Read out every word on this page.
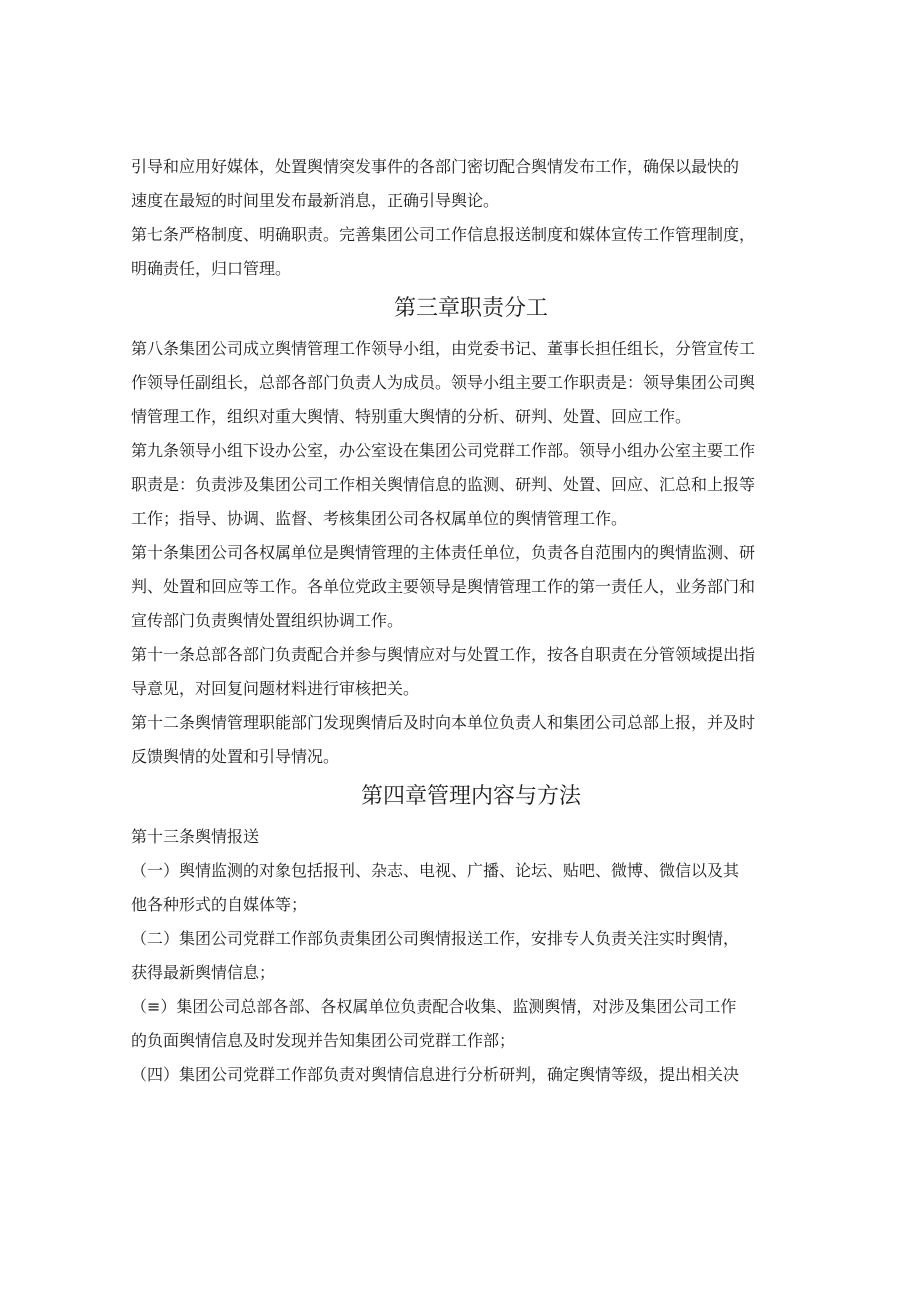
引导和应用好媒体，处置舆情突发事件的各部门密切配合舆情发布工作，确保以最快的
速度在最短的时间里发布最新消息，正确引导舆论。

第七条严格制度、明确职责。完善集团公司工作信息报送制度和媒体宣传工作管理制度，
明确责任，归口管理。

第三章职责分工

第八条集团公司成立舆情管理工作领导小组，由党委书记、董事长担任组长，分管宣传工
作领导任副组长，总部各部门负责人为成员。领导小组主要工作职责是：领导集团公司舆
情管理工作，组织对重大舆情、特别重大舆情的分析、研判、处置、回应工作。

第九条领导小组下设办公室，办公室设在集团公司党群工作部。领导小组办公室主要工作
职责是：负责涉及集团公司工作相关舆情信息的监测、研判、处置、回应、汇总和上报等
工作；指导、协调、监督、考核集团公司各权属单位的舆情管理工作。

第十条集团公司各权属单位是舆情管理的主体责任单位，负责各自范围内的舆情监测、研
判、处置和回应等工作。各单位党政主要领导是舆情管理工作的第一责任人，业务部门和
宣传部门负责舆情处置组织协调工作。

第十一条总部各部门负责配合并参与舆情应对与处置工作，按各自职责在分管领域提出指
导意见，对回复问题材料进行审核把关。

第十二条舆情管理职能部门发现舆情后及时向本单位负责人和集团公司总部上报，并及时
反馈舆情的处置和引导情况。

第四章管理内容与方法

第十三条舆情报送

（一）舆情监测的对象包括报刊、杂志、电视、广播、论坛、贴吧、微博、微信以及其
他各种形式的自媒体等；

（二）集团公司党群工作部负责集团公司舆情报送工作，安排专人负责关注实时舆情，
获得最新舆情信息；

（≡）集团公司总部各部、各权属单位负责配合收集、监测舆情，对涉及集团公司工作
的负面舆情信息及时发现并告知集团公司党群工作部；

（四）集团公司党群工作部负责对舆情信息进行分析研判，确定舆情等级，提出相关决
